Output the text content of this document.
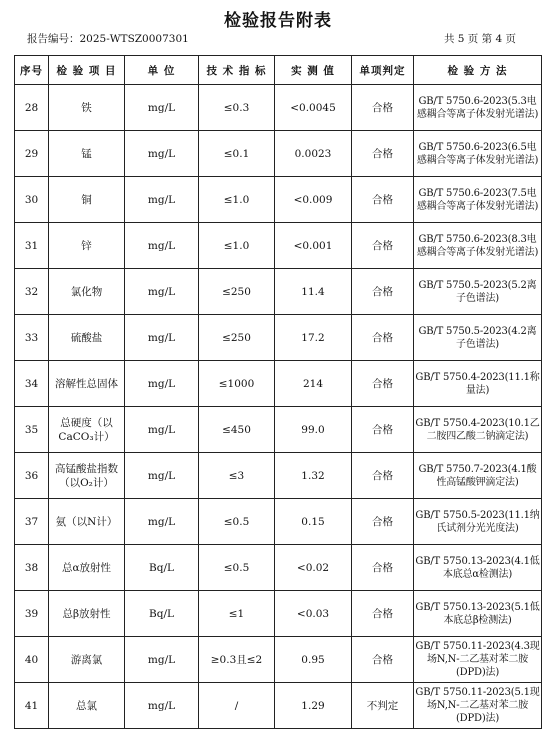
检验报告附表
报告编号：2025-WTSZ0007301	共 5 页 第 4 页
序号	检 验 项 目	单 位	技 术 指 标	实 测 值	单项判定	检 验 方 法
28	铁	mg/L	≤0.3	<0.0045	合格	GB/T 5750.6-2023(5.3电感耦合等离子体发射光谱法)
29	锰	mg/L	≤0.1	0.0023	合格	GB/T 5750.6-2023(6.5电感耦合等离子体发射光谱法)
30	铜	mg/L	≤1.0	<0.009	合格	GB/T 5750.6-2023(7.5电感耦合等离子体发射光谱法)
31	锌	mg/L	≤1.0	<0.001	合格	GB/T 5750.6-2023(8.3电感耦合等离子体发射光谱法)
32	氯化物	mg/L	≤250	11.4	合格	GB/T 5750.5-2023(5.2离子色谱法)
33	硫酸盐	mg/L	≤250	17.2	合格	GB/T 5750.5-2023(4.2离子色谱法)
34	溶解性总固体	mg/L	≤1000	214	合格	GB/T 5750.4-2023(11.1称量法)
35	总硬度（以CaCO₃计）	mg/L	≤450	99.0	合格	GB/T 5750.4-2023(10.1乙二胺四乙酸二钠滴定法)
36	高锰酸盐指数（以O₂计）	mg/L	≤3	1.32	合格	GB/T 5750.7-2023(4.1酸性高锰酸钾滴定法)
37	氨（以N计）	mg/L	≤0.5	0.15	合格	GB/T 5750.5-2023(11.1纳氏试剂分光光度法)
38	总α放射性	Bq/L	≤0.5	<0.02	合格	GB/T 5750.13-2023(4.1低本底总α检测法)
39	总β放射性	Bq/L	≤1	<0.03	合格	GB/T 5750.13-2023(5.1低本底总β检测法)
40	游离氯	mg/L	≥0.3且≤2	0.95	合格	GB/T 5750.11-2023(4.3现场N,N-二乙基对苯二胺(DPD)法)
41	总氯	mg/L	/	1.29	不判定	GB/T 5750.11-2023(5.1现场N,N-二乙基对苯二胺(DPD)法)
